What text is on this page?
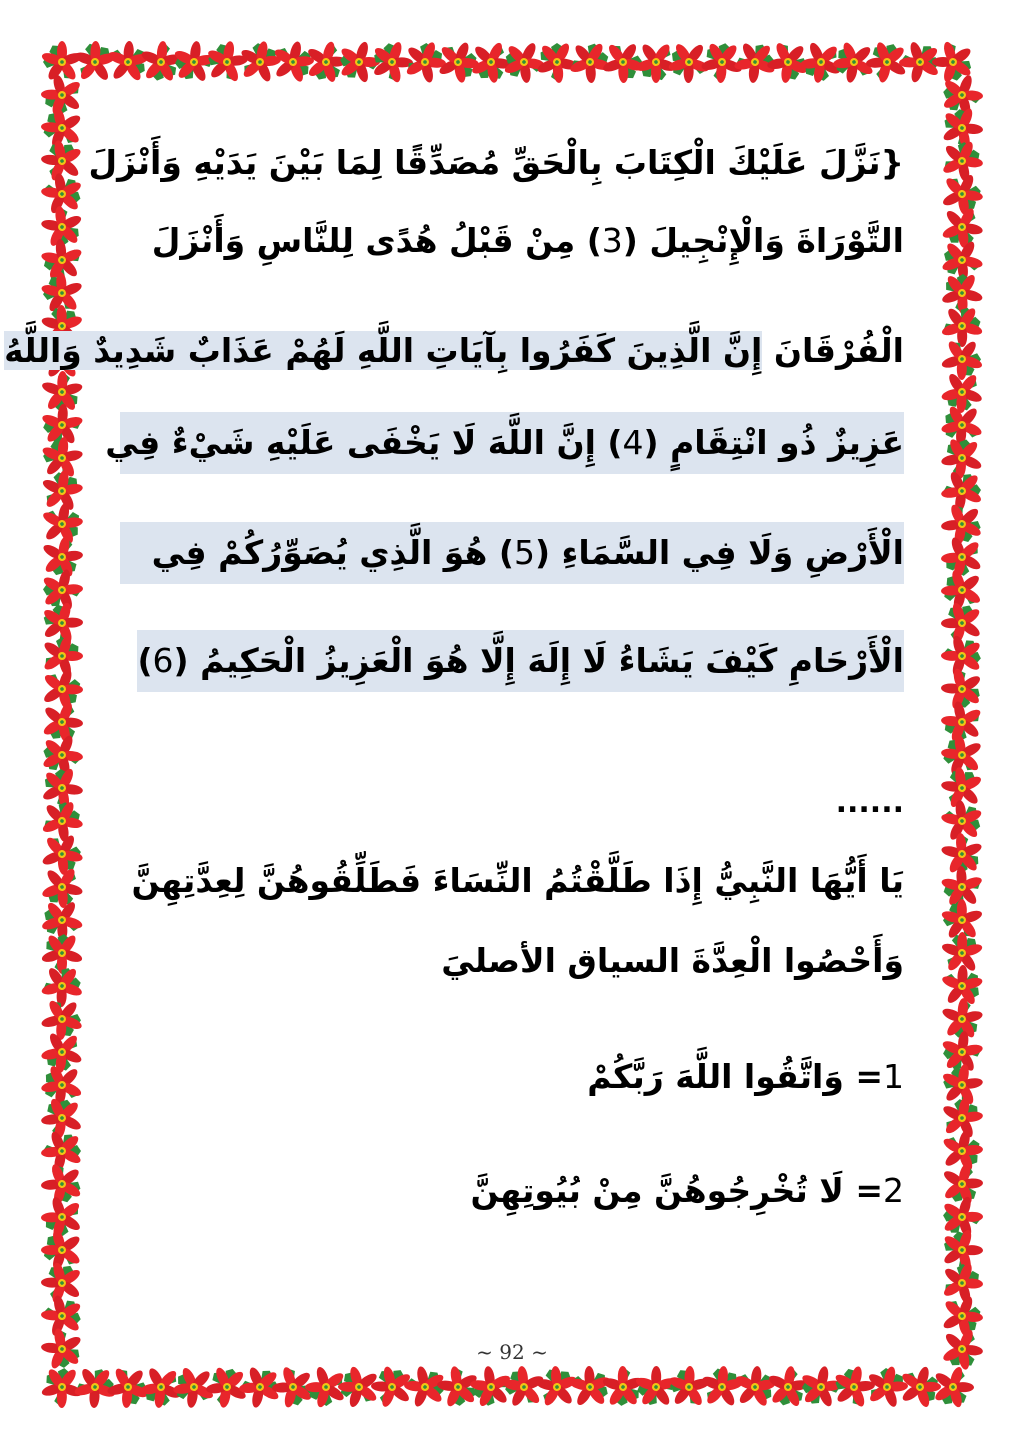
{نَزَّلَ عَلَيْكَ الْكِتَابَ بِالْحَقِّ مُصَدِّقًا لِمَا بَيْنَ يَدَيْهِ وَأَنْزَلَ
التَّوْرَاةَ وَالْإِنْجِيلَ (3) مِنْ قَبْلُ هُدًى لِلنَّاسِ وَأَنْزَلَ
الْفُرْقَانَ إِنَّ الَّذِينَ كَفَرُوا بِآيَاتِ اللَّهِ لَهُمْ عَذَابٌ شَدِيدٌ وَاللَّهُ
عَزِيزٌ ذُو انْتِقَامٍ (4) إِنَّ اللَّهَ لَا يَخْفَى عَلَيْهِ شَيْءٌ فِي
الْأَرْضِ وَلَا فِي السَّمَاءِ (5) هُوَ الَّذِي يُصَوِّرُكُمْ فِي
الْأَرْحَامِ كَيْفَ يَشَاءُ لَا إِلَهَ إِلَّا هُوَ الْعَزِيزُ الْحَكِيمُ (6)
......
يَا أَيُّهَا النَّبِيُّ إِذَا طَلَّقْتُمُ النِّسَاءَ فَطَلِّقُوهُنَّ لِعِدَّتِهِنَّ
وَأَحْصُوا الْعِدَّةَ السياق الأصليَ
1= وَاتَّقُوا اللَّهَ رَبَّكُمْ
2= لَا تُخْرِجُوهُنَّ مِنْ بُيُوتِهِنَّ
~ 92 ~
